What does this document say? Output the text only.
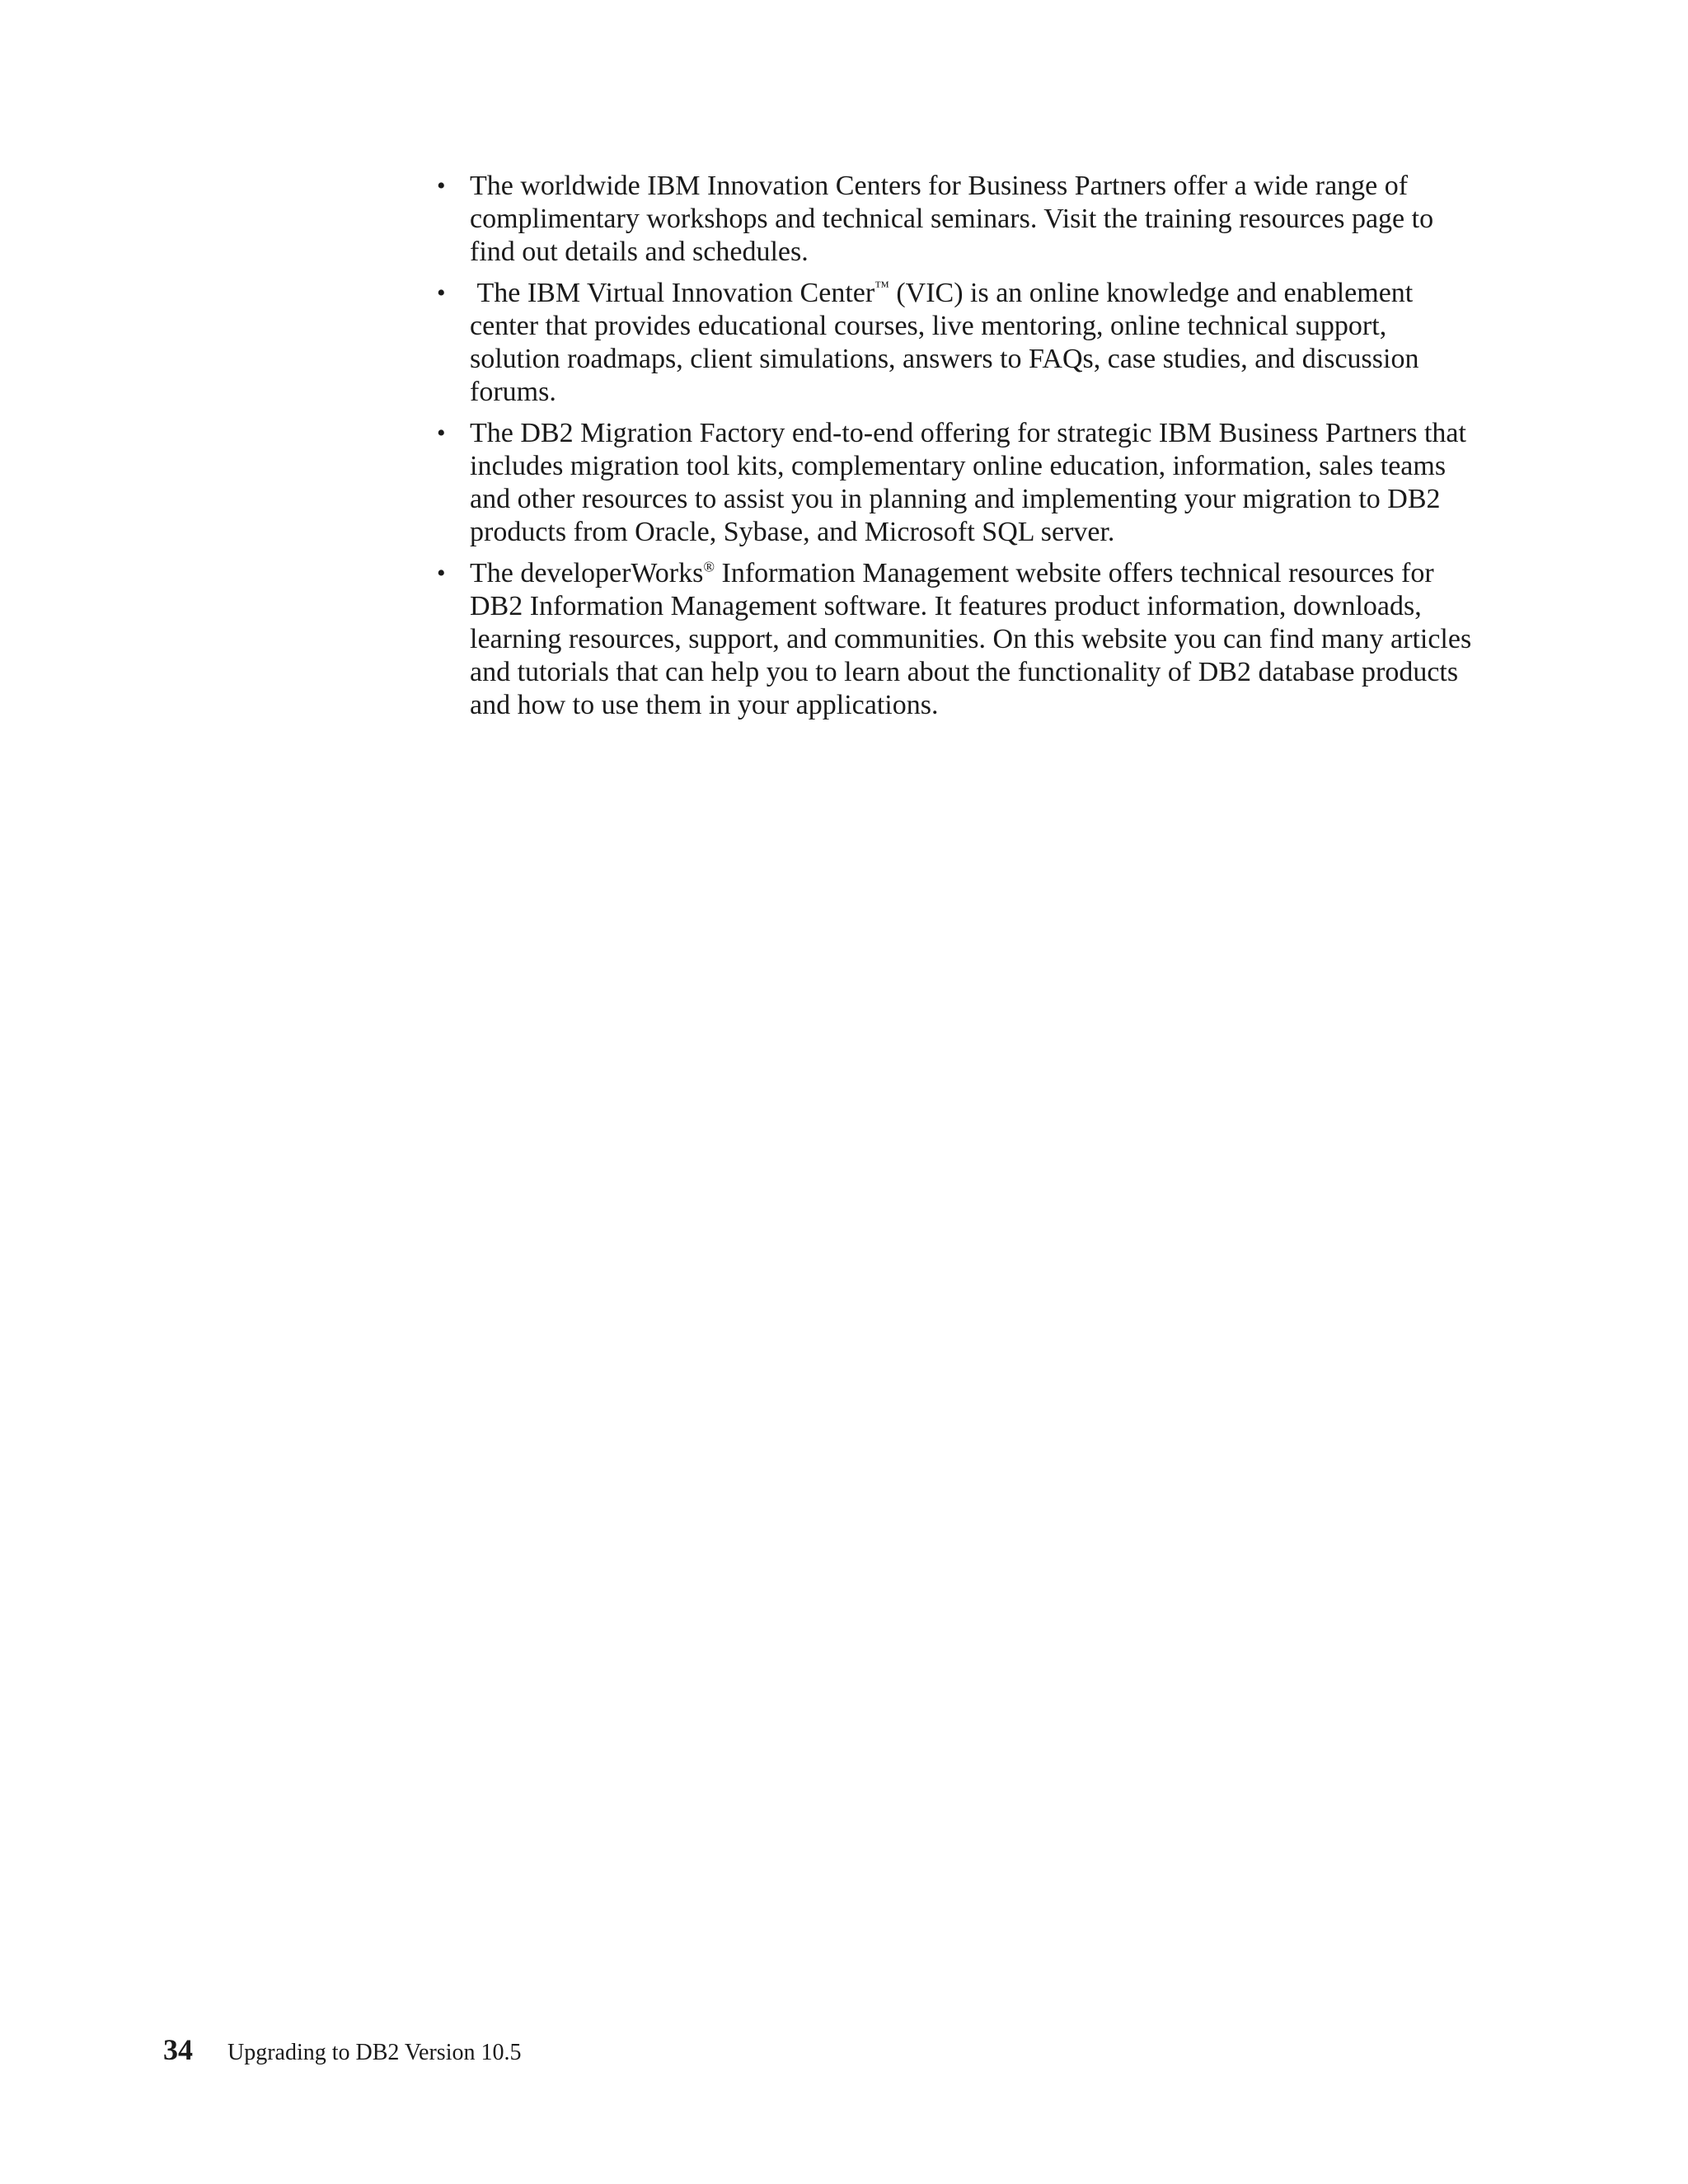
• The worldwide IBM Innovation Centers for Business Partners offer a wide range of complimentary workshops and technical seminars. Visit the training resources page to find out details and schedules.
• The IBM Virtual Innovation Center™ (VIC) is an online knowledge and enablement center that provides educational courses, live mentoring, online technical support, solution roadmaps, client simulations, answers to FAQs, case studies, and discussion forums.
• The DB2 Migration Factory end-to-end offering for strategic IBM Business Partners that includes migration tool kits, complementary online education, information, sales teams and other resources to assist you in planning and implementing your migration to DB2 products from Oracle, Sybase, and Microsoft SQL server.
• The developerWorks® Information Management website offers technical resources for DB2 Information Management software. It features product information, downloads, learning resources, support, and communities. On this website you can find many articles and tutorials that can help you to learn about the functionality of DB2 database products and how to use them in your applications.
34 Upgrading to DB2 Version 10.5
